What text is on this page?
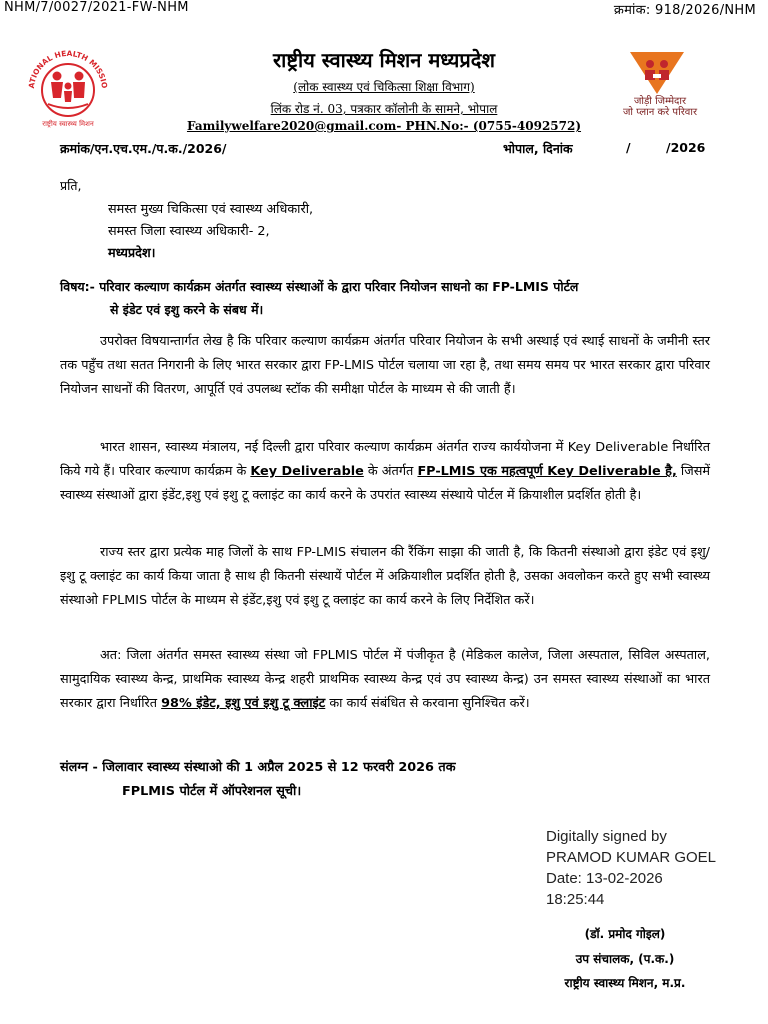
NHM/7/0027/2021-FW-NHM	क्रमांक: 918/2026/NHM
ATIONAL HEALTH MISSIO
राष्ट्रीय स्वास्थ्य मिशन
जोड़ी जिम्मेदार
जो प्लान करे परिवार
राष्ट्रीय स्वास्थ्य मिशन मध्यप्रदेश
(लोक स्वास्थ्य एवं चिकित्सा शिक्षा विभाग)
लिंक रोड नं. 03, पत्रकार कॉलोनी के सामने, भोपाल
Familywelfare2020@gmail.com- PHN.No:- (0755-4092572)
क्रमांक/एन.एच.एम./प.क./2026/	भोपाल, दिनांक	/	/2026
प्रति,
समस्त मुख्य चिकित्सा एवं स्वास्थ्य अधिकारी,
समस्त जिला स्वास्थ्य अधिकारी- 2,
मध्यप्रदेश।
विषय:- परिवार कल्याण कार्यक्रम अंतर्गत स्वास्थ्य संस्थाओं के द्वारा परिवार नियोजन साधनो का FP-LMIS पोर्टल
से इंडेट एवं इशु करने के संबध में।
उपरोक्त विषयान्तार्गत लेख है कि परिवार कल्याण कार्यक्रम अंतर्गत परिवार नियोजन के सभी अस्थाई एवं स्थाई साधनों के जमीनी स्तर तक पहुँच तथा सतत निगरानी के लिए भारत सरकार द्वारा FP-LMIS पोर्टल चलाया जा रहा है, तथा समय समय पर भारत सरकार द्वारा परिवार नियोजन साधनों की वितरण, आपूर्ति एवं उपलब्ध स्टॉक की समीक्षा पोर्टल के माध्यम से की जाती हैं।
भारत शासन, स्वास्थ्य मंत्रालय, नई दिल्ली द्वारा परिवार कल्याण कार्यक्रम अंतर्गत राज्य कार्ययोजना में Key Deliverable निर्धारित किये गये हैं। परिवार कल्याण कार्यक्रम के Key Deliverable के अंतर्गत FP-LMIS एक महत्वपूर्ण Key Deliverable है, जिसमें स्वास्थ्य संस्थाओं द्वारा इंडेंट,इशु एवं इशु टू क्लाइंट का कार्य करने के उपरांत स्वास्थ्य संस्थाये पोर्टल में क्रियाशील प्रदर्शित होती है।
राज्य स्तर द्वारा प्रत्येक माह जिलों के साथ FP-LMIS संचालन की रैंकिंग साझा की जाती है, कि कितनी संस्थाओ द्वारा इंडेट एवं इशु/इशु टू क्लाइंट का कार्य किया जाता है साथ ही कितनी संस्थायें पोर्टल में अक्रियाशील प्रदर्शित होती है, उसका अवलोकन करते हुए सभी स्वास्थ्य संस्थाओ FPLMIS पोर्टल के माध्यम से इंडेंट,इशु एवं इशु टू क्लाइंट का कार्य करने के लिए निर्देशित करें।
अत: जिला अंतर्गत समस्त स्वास्थ्य संस्था जो FPLMIS पोर्टल में पंजीकृत है (मेडिकल कालेज, जिला अस्पताल, सिविल अस्पताल, सामुदायिक स्वास्थ्य केन्द्र, प्राथमिक स्वास्थ्य केन्द्र शहरी प्राथमिक स्वास्थ्य केन्द्र एवं उप स्वास्थ्य केन्द्र) उन समस्त स्वास्थ्य संस्थाओं का भारत सरकार द्वारा निर्धारित 98% इंडेट, इशु एवं इशु टू क्लाइंट का कार्य संबंधित से करवाना सुनिश्चित करें।
संलग्न - जिलावार स्वास्थ्य संस्थाओ की 1 अप्रैल 2025 से 12 फरवरी 2026 तक
FPLMIS पोर्टल में ऑपरेशनल सूची।
Digitally signed by
PRAMOD KUMAR GOEL
Date: 13-02-2026
18:25:44
(डॉ. प्रमोद गोइल)
उप संचालक, (प.क.)
राष्ट्रीय स्वास्थ्य मिशन, म.प्र.
